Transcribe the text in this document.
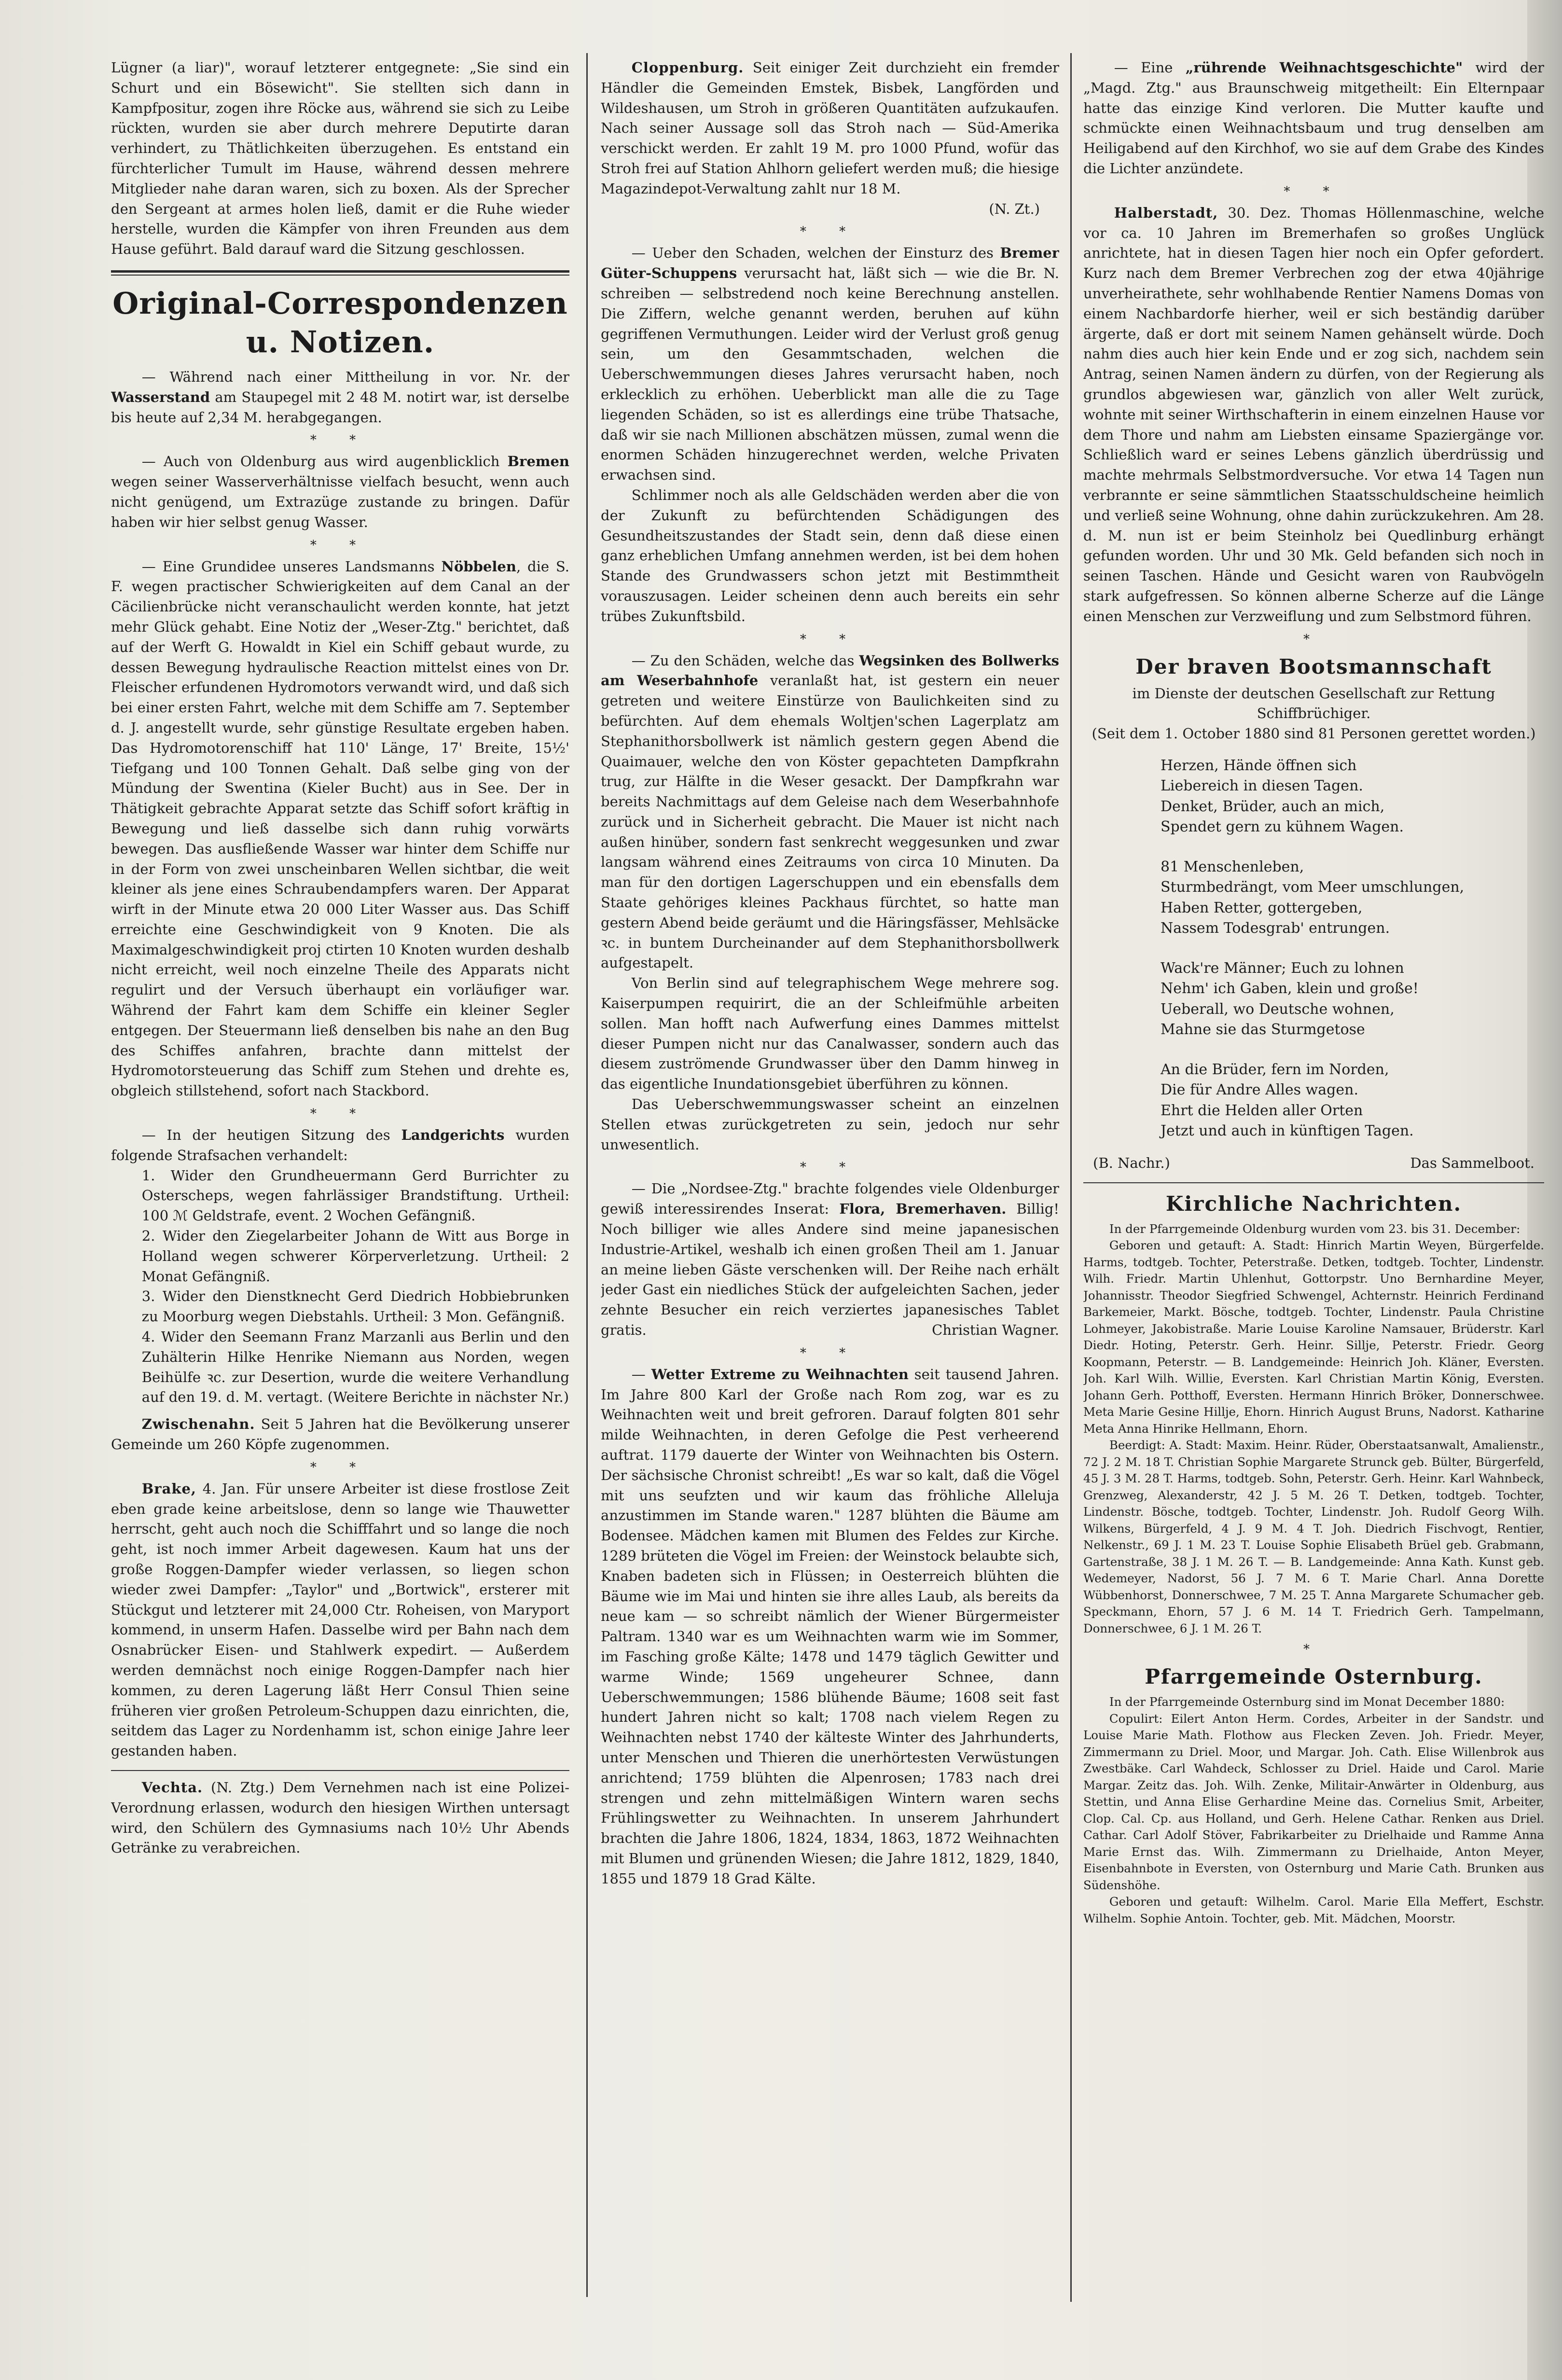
Lügner (a liar)", worauf letzterer entgegnete: „Sie sind ein Schurt und ein Bösewicht". Sie stellten sich dann in Kampfpositur, zogen ihre Röcke aus, während sie sich zu Leibe rückten, wurden sie aber durch mehrere Deputirte daran verhindert, zu Thätlichkeiten überzugehen. Es entstand ein fürchterlicher Tumult im Hause, während dessen mehrere Mitglieder nahe daran waren, sich zu boxen. Als der Sprecher den Sergeant at armes holen ließ, damit er die Ruhe wieder herstelle, wurden die Kämpfer von ihren Freunden aus dem Hause geführt. Bald darauf ward die Sitzung geschlossen.

Original-Correspondenzen u. Notizen.

— Während nach einer Mittheilung in vor. Nr. der Wasserstand am Staupegel mit 2 48 M. notirt war, ist derselbe bis heute auf 2,34 M. herabgegangen.

* *

— Auch von Oldenburg aus wird augenblicklich Bremen wegen seiner Wasserverhältnisse vielfach besucht, wenn auch nicht genügend, um Extrazüge zustande zu bringen. Dafür haben wir hier selbst genug Wasser.

* *

— Eine Grundidee unseres Landsmanns Nöbbelen, die S. F. wegen practischer Schwierigkeiten auf dem Canal an der Cäcilienbrücke nicht veranschaulicht werden konnte, hat jetzt mehr Glück gehabt. Eine Notiz der „Weser-Ztg." berichtet, daß auf der Werft G. Howaldt in Kiel ein Schiff gebaut wurde, zu dessen Bewegung hydraulische Reaction mittelst eines von Dr. Fleischer erfundenen Hydromotors verwandt wird, und daß sich bei einer ersten Fahrt, welche mit dem Schiffe am 7. September d. J. angestellt wurde, sehr günstige Resultate ergeben haben. Das Hydromotorenschiff hat 110' Länge, 17' Breite, 15½' Tiefgang und 100 Tonnen Gehalt. Daß selbe ging von der Mündung der Swentina (Kieler Bucht) aus in See. Der in Thätigkeit gebrachte Apparat setzte das Schiff sofort kräftig in Bewegung und ließ dasselbe sich dann ruhig vorwärts bewegen. Das ausfließende Wasser war hinter dem Schiffe nur in der Form von zwei unscheinbaren Wellen sichtbar, die weit kleiner als jene eines Schraubendampfers waren. Der Apparat wirft in der Minute etwa 20 000 Liter Wasser aus. Das Schiff erreichte eine Geschwindigkeit von 9 Knoten. Die als Maximalgeschwindigkeit proj ctirten 10 Knoten wurden deshalb nicht erreicht, weil noch einzelne Theile des Apparats nicht regulirt und der Versuch überhaupt ein vorläufiger war. Während der Fahrt kam dem Schiffe ein kleiner Segler entgegen. Der Steuermann ließ denselben bis nahe an den Bug des Schiffes anfahren, brachte dann mittelst der Hydromotorsteuerung das Schiff zum Stehen und drehte es, obgleich stillstehend, sofort nach Stackbord.

* *

— In der heutigen Sitzung des Landgerichts wurden folgende Strafsachen verhandelt:

1. Wider den Grundheuermann Gerd Burrichter zu Osterscheps, wegen fahrlässiger Brandstiftung. Urtheil: 100 ℳ Geldstrafe, event. 2 Wochen Gefängniß.

2. Wider den Ziegelarbeiter Johann de Witt aus Borge in Holland wegen schwerer Körperverletzung. Urtheil: 2 Monat Gefängniß.

3. Wider den Dienstknecht Gerd Diedrich Hobbiebrunken zu Moorburg wegen Diebstahls. Urtheil: 3 Mon. Gefängniß.

4. Wider den Seemann Franz Marzanli aus Berlin und den Zuhälterin Hilke Henrike Niemann aus Norden, wegen Beihülfe ꝛc. zur Desertion, wurde die weitere Verhandlung auf den 19. d. M. vertagt. (Weitere Berichte in nächster Nr.)

Zwischenahn. Seit 5 Jahren hat die Bevölkerung unserer Gemeinde um 260 Köpfe zugenommen.

* *

Brake, 4. Jan. Für unsere Arbeiter ist diese frostlose Zeit eben grade keine arbeitslose, denn so lange wie Thauwetter herrscht, geht auch noch die Schifffahrt und so lange die noch geht, ist noch immer Arbeit dagewesen. Kaum hat uns der große Roggen-Dampfer wieder verlassen, so liegen schon wieder zwei Dampfer: „Taylor" und „Bortwick", ersterer mit Stückgut und letzterer mit 24,000 Ctr. Roheisen, von Maryport kommend, in unserm Hafen. Dasselbe wird per Bahn nach dem Osnabrücker Eisen- und Stahlwerk expedirt. — Außerdem werden demnächst noch einige Roggen-Dampfer nach hier kommen, zu deren Lagerung läßt Herr Consul Thien seine früheren vier großen Petroleum-Schuppen dazu einrichten, die, seitdem das Lager zu Nordenhamm ist, schon einige Jahre leer gestanden haben.

Vechta. (N. Ztg.) Dem Vernehmen nach ist eine Polizei-Verordnung erlassen, wodurch den hiesigen Wirthen untersagt wird, den Schülern des Gymnasiums nach 10½ Uhr Abends Getränke zu verabreichen.

Cloppenburg. Seit einiger Zeit durchzieht ein fremder Händler die Gemeinden Emstek, Bisbek, Langförden und Wildeshausen, um Stroh in größeren Quantitäten aufzukaufen. Nach seiner Aussage soll das Stroh nach — Süd-Amerika verschickt werden. Er zahlt 19 M. pro 1000 Pfund, wofür das Stroh frei auf Station Ahlhorn geliefert werden muß; die hiesige Magazindepot-Verwaltung zahlt nur 18 M.

(N. Zt.)

* *

— Ueber den Schaden, welchen der Einsturz des Bremer Güter-Schuppens verursacht hat, läßt sich — wie die Br. N. schreiben — selbstredend noch keine Berechnung anstellen. Die Ziffern, welche genannt werden, beruhen auf kühn gegriffenen Vermuthungen. Leider wird der Verlust groß genug sein, um den Gesammtschaden, welchen die Ueberschwemmungen dieses Jahres verursacht haben, noch erklecklich zu erhöhen. Ueberblickt man alle die zu Tage liegenden Schäden, so ist es allerdings eine trübe Thatsache, daß wir sie nach Millionen abschätzen müssen, zumal wenn die enormen Schäden hinzugerechnet werden, welche Privaten erwachsen sind.

Schlimmer noch als alle Geldschäden werden aber die von der Zukunft zu befürchtenden Schädigungen des Gesundheitszustandes der Stadt sein, denn daß diese einen ganz erheblichen Umfang annehmen werden, ist bei dem hohen Stande des Grundwassers schon jetzt mit Bestimmtheit vorauszusagen. Leider scheinen denn auch bereits ein sehr trübes Zukunftsbild.

* *

— Zu den Schäden, welche das Wegsinken des Bollwerks am Weserbahnhofe veranlaßt hat, ist gestern ein neuer getreten und weitere Einstürze von Baulichkeiten sind zu befürchten. Auf dem ehemals Woltjen'schen Lagerplatz am Stephanithorsbollwerk ist nämlich gestern gegen Abend die Quaimauer, welche den von Köster gepachteten Dampfkrahn trug, zur Hälfte in die Weser gesackt. Der Dampfkrahn war bereits Nachmittags auf dem Geleise nach dem Weserbahnhofe zurück und in Sicherheit gebracht. Die Mauer ist nicht nach außen hinüber, sondern fast senkrecht weggesunken und zwar langsam während eines Zeitraums von circa 10 Minuten. Da man für den dortigen Lagerschuppen und ein ebensfalls dem Staate gehöriges kleines Packhaus fürchtet, so hatte man gestern Abend beide geräumt und die Häringsfässer, Mehlsäcke ꝛc. in buntem Durcheinander auf dem Stephanithorsbollwerk aufgestapelt.

Von Berlin sind auf telegraphischem Wege mehrere sog. Kaiserpumpen requirirt, die an der Schleifmühle arbeiten sollen. Man hofft nach Aufwerfung eines Dammes mittelst dieser Pumpen nicht nur das Canalwasser, sondern auch das diesem zuströmende Grundwasser über den Damm hinweg in das eigentliche Inundationsgebiet überführen zu können.

Das Ueberschwemmungswasser scheint an einzelnen Stellen etwas zurückgetreten zu sein, jedoch nur sehr unwesentlich.

* *

— Die „Nordsee-Ztg." brachte folgendes viele Oldenburger gewiß interessirendes Inserat: Flora, Bremerhaven. Billig! Noch billiger wie alles Andere sind meine japanesischen Industrie-Artikel, weshalb ich einen großen Theil am 1. Januar an meine lieben Gäste verschenken will. Der Reihe nach erhält jeder Gast ein niedliches Stück der aufgeleichten Sachen, jeder zehnte Besucher ein reich verziertes japanesisches Tablet gratis.	Christian Wagner.

* *

— Wetter Extreme zu Weihnachten seit tausend Jahren. Im Jahre 800 Karl der Große nach Rom zog, war es zu Weihnachten weit und breit gefroren. Darauf folgten 801 sehr milde Weihnachten, in deren Gefolge die Pest verheerend auftrat. 1179 dauerte der Winter von Weihnachten bis Ostern. Der sächsische Chronist schreibt! „Es war so kalt, daß die Vögel mit uns seufzten und wir kaum das fröhliche Alleluja anzustimmen im Stande waren." 1287 blühten die Bäume am Bodensee. Mädchen kamen mit Blumen des Feldes zur Kirche. 1289 brüteten die Vögel im Freien: der Weinstock belaubte sich, Knaben badeten sich in Flüssen; in Oesterreich blühten die Bäume wie im Mai und hinten sie ihre alles Laub, als bereits da neue kam — so schreibt nämlich der Wiener Bürgermeister Paltram. 1340 war es um Weihnachten warm wie im Sommer, im Fasching große Kälte; 1478 und 1479 täglich Gewitter und warme Winde; 1569 ungeheurer Schnee, dann Ueberschwemmungen; 1586 blühende Bäume; 1608 seit fast hundert Jahren nicht so kalt; 1708 nach vielem Regen zu Weihnachten nebst 1740 der kälteste Winter des Jahrhunderts, unter Menschen und Thieren die unerhörtesten Verwüstungen anrichtend; 1759 blühten die Alpenrosen; 1783 nach drei strengen und zehn mittelmäßigen Wintern waren sechs Frühlingswetter zu Weihnachten. In unserem Jahrhundert brachten die Jahre 1806, 1824, 1834, 1863, 1872 Weihnachten mit Blumen und grünenden Wiesen; die Jahre 1812, 1829, 1840, 1855 und 1879 18 Grad Kälte.

— Eine „rührende Weihnachtsgeschichte" wird der „Magd. Ztg." aus Braunschweig mitgetheilt: Ein Elternpaar hatte das einzige Kind verloren. Die Mutter kaufte und schmückte einen Weihnachtsbaum und trug denselben am Heiligabend auf den Kirchhof, wo sie auf dem Grabe des Kindes die Lichter anzündete.

* *

Halberstadt, 30. Dez. Thomas Höllenmaschine, welche vor ca. 10 Jahren im Bremerhafen so großes Unglück anrichtete, hat in diesen Tagen hier noch ein Opfer gefordert. Kurz nach dem Bremer Verbrechen zog der etwa 40jährige unverheirathete, sehr wohlhabende Rentier Namens Domas von einem Nachbardorfe hierher, weil er sich beständig darüber ärgerte, daß er dort mit seinem Namen gehänselt würde. Doch nahm dies auch hier kein Ende und er zog sich, nachdem sein Antrag, seinen Namen ändern zu dürfen, von der Regierung als grundlos abgewiesen war, gänzlich von aller Welt zurück, wohnte mit seiner Wirthschafterin in einem einzelnen Hause vor dem Thore und nahm am Liebsten einsame Spaziergänge vor. Schließlich ward er seines Lebens gänzlich überdrüssig und machte mehrmals Selbstmordversuche. Vor etwa 14 Tagen nun verbrannte er seine sämmtlichen Staatsschuldscheine heimlich und verließ seine Wohnung, ohne dahin zurückzukehren. Am 28. d. M. nun ist er beim Steinholz bei Quedlinburg erhängt gefunden worden. Uhr und 30 Mk. Geld befanden sich noch in seinen Taschen. Hände und Gesicht waren von Raubvögeln stark aufgefressen. So können alberne Scherze auf die Länge einen Menschen zur Verzweiflung und zum Selbstmord führen.

*
Der braven Bootsmannschaft

im Dienste der deutschen Gesellschaft zur Rettung Schiffbrüchiger.

(Seit dem 1. October 1880 sind 81 Personen gerettet worden.)

Herzen, Hände öffnen sich

Liebereich in diesen Tagen.

Denket, Brüder, auch an mich,

Spendet gern zu kühnem Wagen.

81 Menschenleben,

Sturmbedrängt, vom Meer umschlungen,

Haben Retter, gottergeben,

Nassem Todesgrab' entrungen.

Wack're Männer; Euch zu lohnen

Nehm' ich Gaben, klein und große!

Ueberall, wo Deutsche wohnen,

Mahne sie das Sturmgetose

An die Brüder, fern im Norden,

Die für Andre Alles wagen.

Ehrt die Helden aller Orten

Jetzt und auch in künftigen Tagen.

(B. Nachr.)	Das Sammelboot.
Kirchliche Nachrichten.

In der Pfarrgemeinde Oldenburg wurden vom 23. bis 31. December:

Geboren und getauft: A. Stadt: Hinrich Martin Weyen, Bürgerfelde. Harms, todtgeb. Tochter, Peterstraße. Detken, todtgeb. Tochter, Lindenstr. Wilh. Friedr. Martin Uhlenhut, Gottorpstr. Uno Bernhardine Meyer, Johannisstr. Theodor Siegfried Schwengel, Achternstr. Heinrich Ferdinand Barkemeier, Markt. Bösche, todtgeb. Tochter, Lindenstr. Paula Christine Lohmeyer, Jakobistraße. Marie Louise Karoline Namsauer, Brüderstr. Karl Diedr. Hoting, Peterstr. Gerh. Heinr. Sillje, Peterstr. Friedr. Georg Koopmann, Peterstr. — B. Landgemeinde: Heinrich Joh. Kläner, Eversten. Joh. Karl Wilh. Willie, Eversten. Karl Christian Martin König, Eversten. Johann Gerh. Potthoff, Eversten. Hermann Hinrich Bröker, Donnerschwee. Meta Marie Gesine Hillje, Ehorn. Hinrich August Bruns, Nadorst. Katharine Meta Anna Hinrike Hellmann, Ehorn.

Beerdigt: A. Stadt: Maxim. Heinr. Rüder, Oberstaatsanwalt, Amalienstr., 72 J. 2 M. 18 T. Christian Sophie Margarete Strunck geb. Bülter, Bürgerfeld, 45 J. 3 M. 28 T. Harms, todtgeb. Sohn, Peterstr. Gerh. Heinr. Karl Wahnbeck, Grenzweg, Alexanderstr, 42 J. 5 M. 26 T. Detken, todtgeb. Tochter, Lindenstr. Bösche, todtgeb. Tochter, Lindenstr. Joh. Rudolf Georg Wilh. Wilkens, Bürgerfeld, 4 J. 9 M. 4 T. Joh. Diedrich Fischvogt, Rentier, Nelkenstr., 69 J. 1 M. 23 T. Louise Sophie Elisabeth Brüel geb. Grabmann, Gartenstraße, 38 J. 1 M. 26 T. — B. Landgemeinde: Anna Kath. Kunst geb. Wedemeyer, Nadorst, 56 J. 7 M. 6 T. Marie Charl. Anna Dorette Wübbenhorst, Donnerschwee, 7 M. 25 T. Anna Margarete Schumacher geb. Speckmann, Ehorn, 57 J. 6 M. 14 T. Friedrich Gerh. Tampelmann, Donnerschwee, 6 J. 1 M. 26 T.

*
Pfarrgemeinde Osternburg.

In der Pfarrgemeinde Osternburg sind im Monat December 1880:

Copulirt: Eilert Anton Herm. Cordes, Arbeiter in der Sandstr. und Louise Marie Math. Flothow aus Flecken Zeven. Joh. Friedr. Meyer, Zimmermann zu Driel. Moor, und Margar. Joh. Cath. Elise Willenbrok aus Zwestbäke. Carl Wahdeck, Schlosser zu Driel. Haide und Carol. Marie Margar. Zeitz das. Joh. Wilh. Zenke, Militair-Anwärter in Oldenburg, aus Stettin, und Anna Elise Gerhardine Meine das. Cornelius Smit, Arbeiter, Clop. Cal. Cp. aus Holland, und Gerh. Helene Cathar. Renken aus Driel. Cathar. Carl Adolf Stöver, Fabrikarbeiter zu Drielhaide und Ramme Anna Marie Ernst das. Wilh. Zimmermann zu Drielhaide, Anton Meyer, Eisenbahnbote in Eversten, von Osternburg und Marie Cath. Brunken aus Südenshöhe.

Geboren und getauft: Wilhelm. Carol. Marie Ella Meffert, Eschstr. Wilhelm. Sophie Antoin. Tochter, geb. Mit. Mädchen, Moorstr.
